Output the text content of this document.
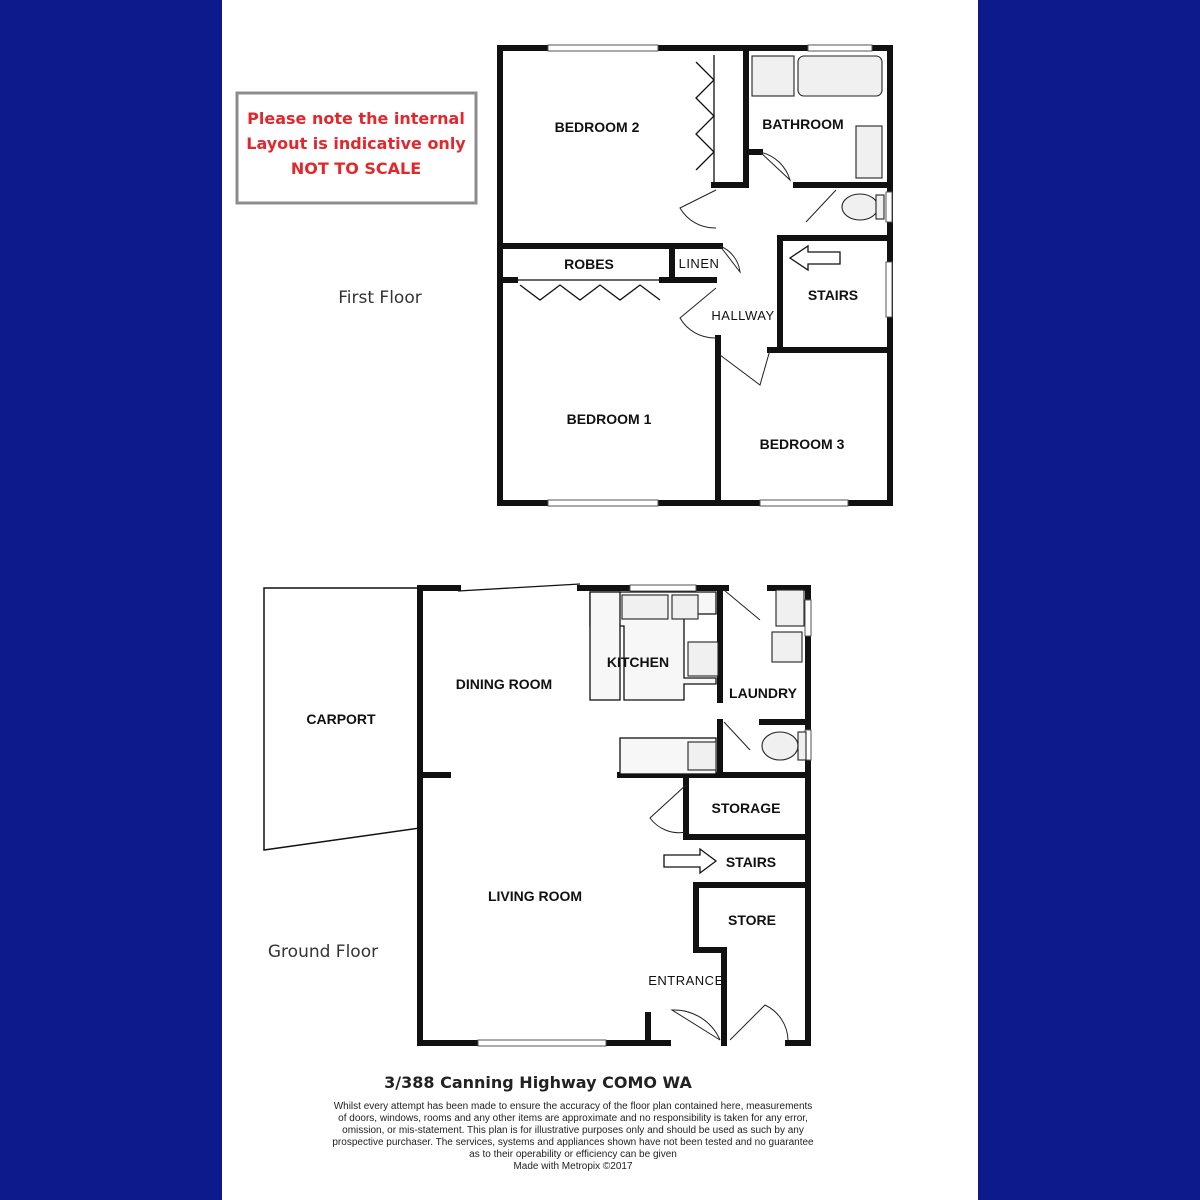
Please note the internal
Layout is indicative only
NOT TO SCALE
First Floor
Ground Floor
BEDROOM 2	BATHROOM
ROBES	LINEN
STAIRS
HALLWAY
BEDROOM 1
BEDROOM 3
CARPORT
DINING ROOM
KITCHEN
LAUNDRY
STORAGE
STAIRS
LIVING ROOM
STORE
ENTRANCE
3/388 Canning Highway COMO WA
Whilst every attempt has been made to ensure the accuracy of the floor plan contained here, measurements
of doors, windows, rooms and any other items are approximate and no responsibility is taken for any error,
omission, or mis-statement. This plan is for illustrative purposes only and should be used as such by any
prospective purchaser. The services, systems and appliances shown have not been tested and no guarantee
as to their operability or efficiency can be given
Made with Metropix ©2017
